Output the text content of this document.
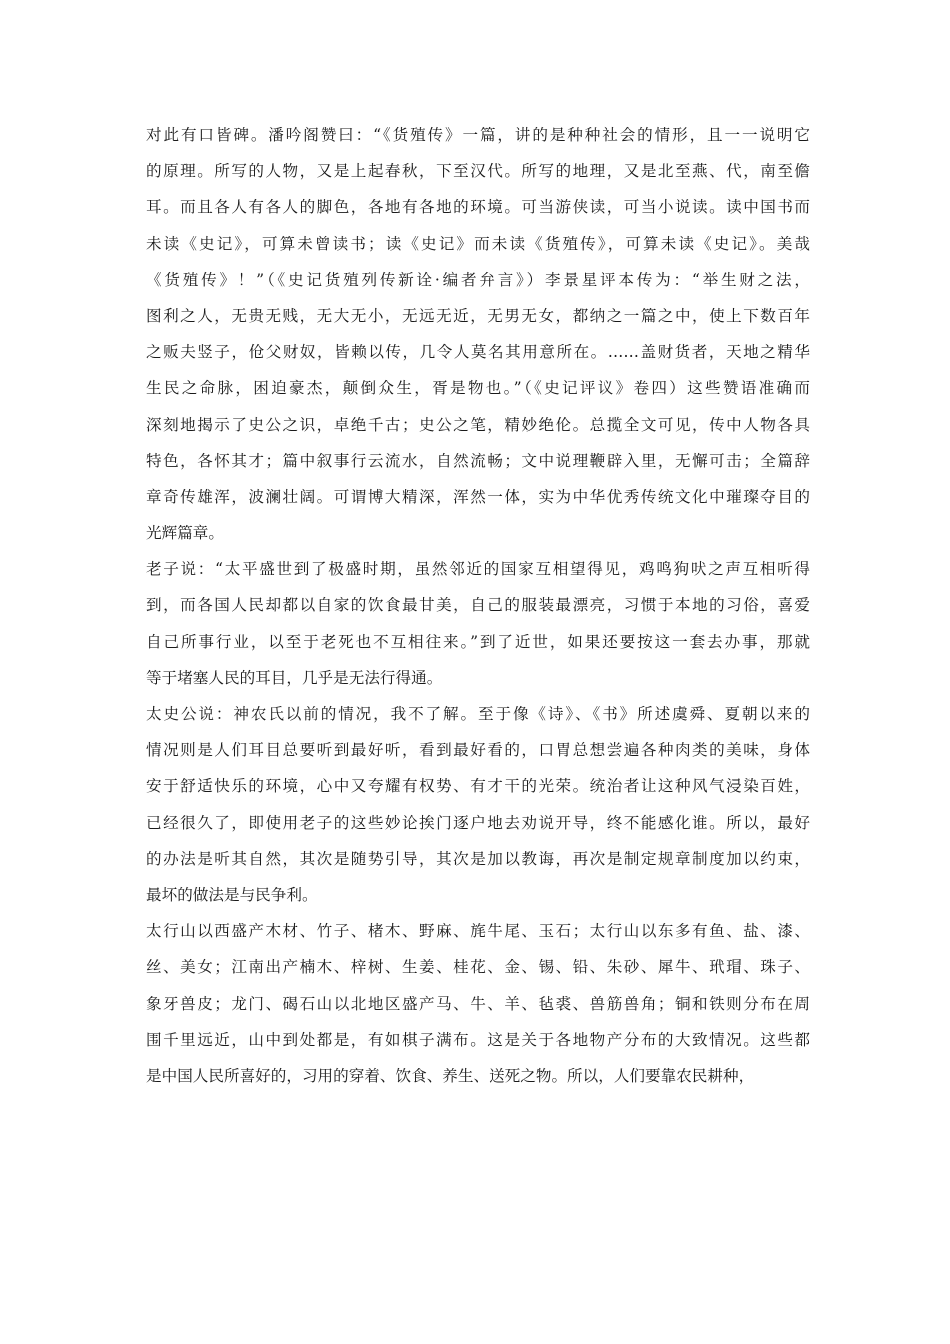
对此有口皆碑。潘吟阁赞曰：“《货殖传》一篇，讲的是种种社会的情形，且一一说明它
的原理。所写的人物，又是上起春秋，下至汉代。所写的地理，又是北至燕、代，南至儋
耳。而且各人有各人的脚色，各地有各地的环境。可当游侠读，可当小说读。读中国书而
未读《史记》，可算未曾读书；读《史记》而未读《货殖传》，可算未读《史记》。美哉
《货殖传》！”（《史记货殖列传新诠·编者弁言》）李景星评本传为：“举生财之法，
图利之人，无贵无贱，无大无小，无远无近，无男无女，都纳之一篇之中，使上下数百年
之贩夫竖子，伧父财奴，皆赖以传，几令人莫名其用意所在。……盖财货者，天地之精华
生民之命脉，困迫豪杰，颠倒众生，胥是物也。”（《史记评议》卷四）这些赞语准确而
深刻地揭示了史公之识，卓绝千古；史公之笔，精妙绝伦。总揽全文可见，传中人物各具
特色，各怀其才；篇中叙事行云流水，自然流畅；文中说理鞭辟入里，无懈可击；全篇辞
章奇传雄浑，波澜壮阔。可谓博大精深，浑然一体，实为中华优秀传统文化中璀璨夺目的
光辉篇章。
老子说：“太平盛世到了极盛时期，虽然邻近的国家互相望得见，鸡鸣狗吠之声互相听得
到，而各国人民却都以自家的饮食最甘美，自己的服装最漂亮，习惯于本地的习俗，喜爱
自己所事行业，以至于老死也不互相往来。”到了近世，如果还要按这一套去办事，那就
等于堵塞人民的耳目，几乎是无法行得通。
太史公说：神农氏以前的情况，我不了解。至于像《诗》、《书》所述虞舜、夏朝以来的
情况则是人们耳目总要听到最好听，看到最好看的，口胃总想尝遍各种肉类的美味，身体
安于舒适快乐的环境，心中又夸耀有权势、有才干的光荣。统治者让这种风气浸染百姓，
已经很久了，即使用老子的这些妙论挨门逐户地去劝说开导，终不能感化谁。所以，最好
的办法是听其自然，其次是随势引导，其次是加以教诲，再次是制定规章制度加以约束，
最坏的做法是与民争利。
太行山以西盛产木材、竹子、楮木、野麻、旄牛尾、玉石；太行山以东多有鱼、盐、漆、
丝、美女；江南出产楠木、梓树、生姜、桂花、金、锡、铅、朱砂、犀牛、玳瑁、珠子、
象牙兽皮；龙门、碣石山以北地区盛产马、牛、羊、毡裘、兽筋兽角；铜和铁则分布在周
围千里远近，山中到处都是，有如棋子满布。这是关于各地物产分布的大致情况。这些都
是中国人民所喜好的，习用的穿着、饮食、养生、送死之物。所以，人们要靠农民耕种，
